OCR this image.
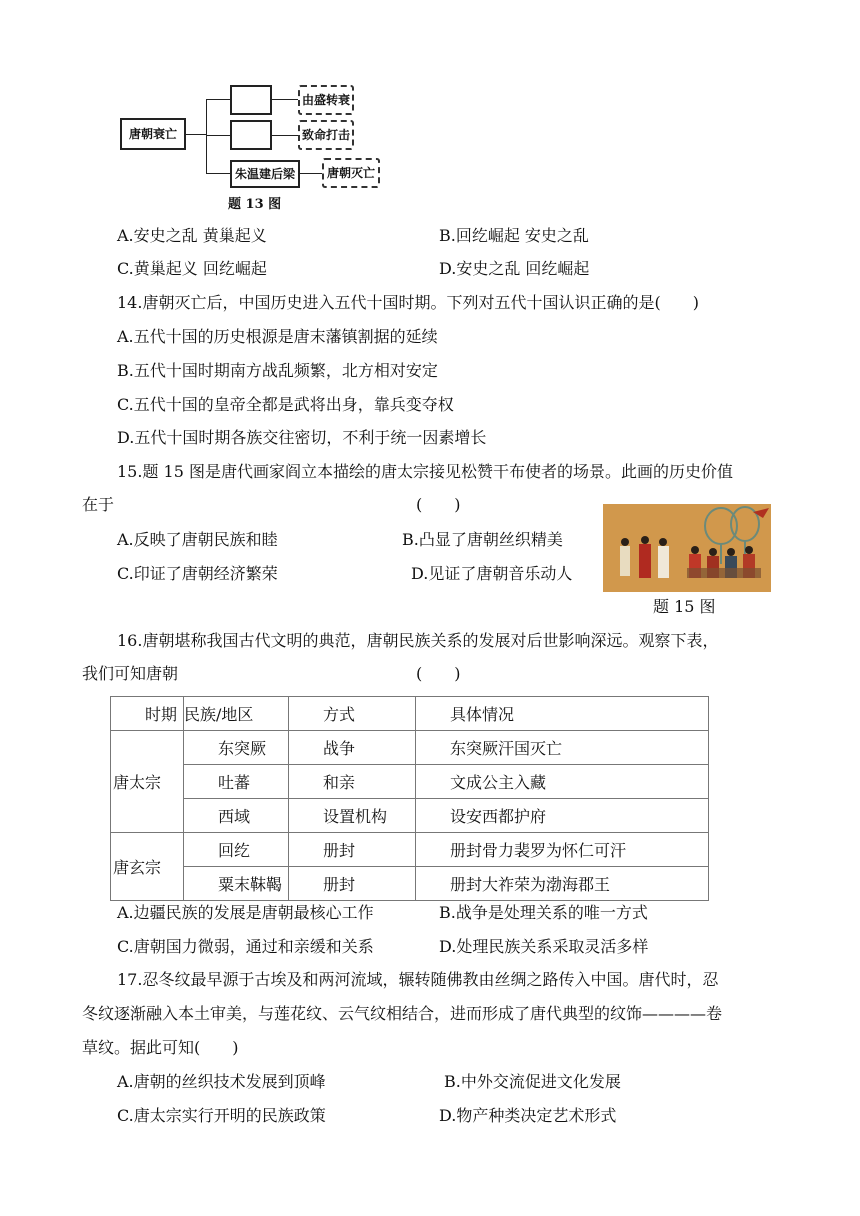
唐朝衰亡
朱温建后梁
由盛转衰
致命打击
唐朝灭亡
题 13 图
A.安史之乱 黄巢起义	B.回纥崛起 安史之乱
C.黄巢起义 回纥崛起	D.安史之乱 回纥崛起
14.唐朝灭亡后，中国历史进入五代十国时期。下列对五代十国认识正确的是(　　)
A.五代十国的历史根源是唐末藩镇割据的延续
B.五代十国时期南方战乱频繁，北方相对安定
C.五代十国的皇帝全都是武将出身，靠兵变夺权
D.五代十国时期各族交往密切，不利于统一因素增长
15.题 15 图是唐代画家阎立本描绘的唐太宗接见松赞干布使者的场景。此画的历史价值
在于	(　　)
A.反映了唐朝民族和睦	B.凸显了唐朝丝织精美
C.印证了唐朝经济繁荣	D.见证了唐朝音乐动人
题 15 图
16.唐朝堪称我国古代文明的典范，唐朝民族关系的发展对后世影响深远。观察下表，
我们可知唐朝	(　　)
时期	民族/地区	方式	具体情况
唐太宗	东突厥	战争	东突厥汗国灭亡
	吐蕃	和亲	文成公主入藏
	西域	设置机构	设安西都护府
唐玄宗	回纥	册封	册封骨力裴罗为怀仁可汗
	粟末靺鞨	册封	册封大祚荣为渤海郡王
A.边疆民族的发展是唐朝最核心工作	B.战争是处理关系的唯一方式
C.唐朝国力微弱，通过和亲缓和关系	D.处理民族关系采取灵活多样
17.忍冬纹最早源于古埃及和两河流域，辗转随佛教由丝绸之路传入中国。唐代时，忍
冬纹逐渐融入本土审美，与莲花纹、云气纹相结合，进而形成了唐代典型的纹饰————卷
草纹。据此可知(　　)
A.唐朝的丝织技术发展到顶峰	B.中外交流促进文化发展
C.唐太宗实行开明的民族政策	D.物产种类决定艺术形式
